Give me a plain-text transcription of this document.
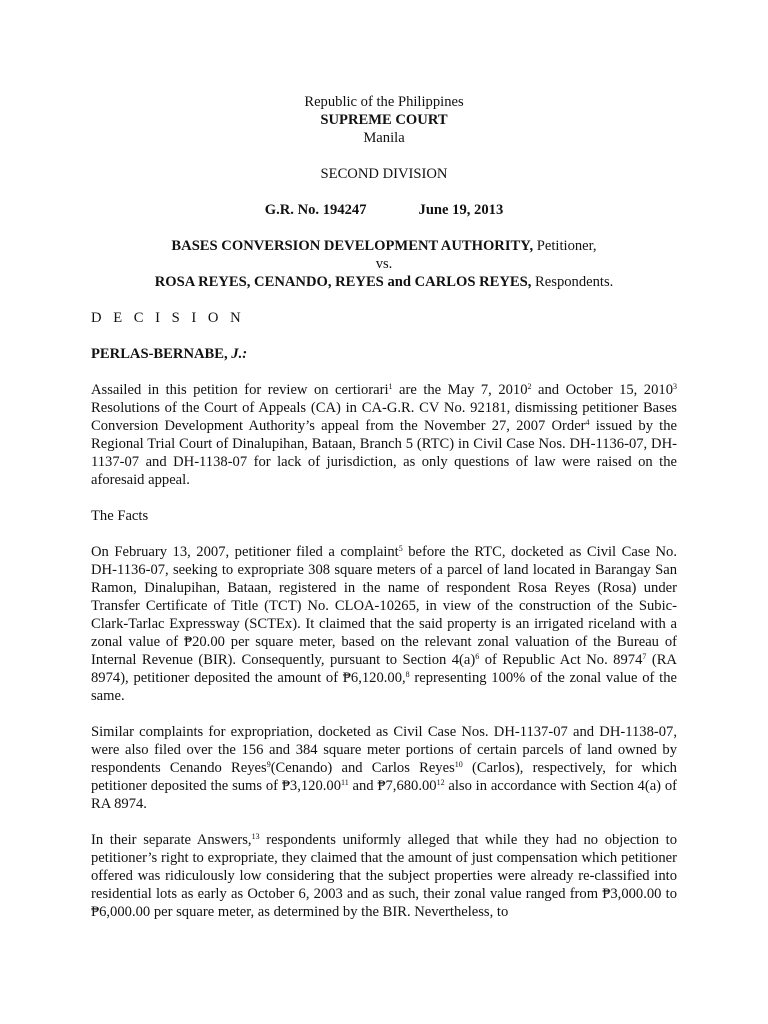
Republic of the Philippines
SUPREME COURT
Manila
SECOND DIVISION
G.R. No. 194247	June 19, 2013
BASES CONVERSION DEVELOPMENT AUTHORITY, Petitioner,
vs.
ROSA REYES, CENANDO, REYES and CARLOS REYES, Respondents.
D E C I S I O N
PERLAS-BERNABE, J.:

Assailed in this petition for review on certiorari$^1$ are the May 7, 2010$^2$ and October 15, 2010$^3$ Resolutions of the Court of Appeals (CA) in CA-G.R. CV No. 92181, dismissing petitioner Bases Conversion Development Authority’s appeal from the November 27, 2007 Order$^4$ issued by the Regional Trial Court of Dinalupihan, Bataan, Branch 5 (RTC) in Civil Case Nos. DH-1136-07, DH-1137-07 and DH-1138-07 for lack of jurisdiction, as only questions of law were raised on the aforesaid appeal.

The Facts

On February 13, 2007, petitioner filed a complaint$^5$ before the RTC, docketed as Civil Case No. DH-1136-07, seeking to expropriate 308 square meters of a parcel of land located in Barangay San Ramon, Dinalupihan, Bataan, registered in the name of respondent Rosa Reyes (Rosa) under Transfer Certificate of Title (TCT) No. CLOA-10265, in view of the construction of the Subic-Clark-Tarlac Expressway (SCTEx). It claimed that the said property is an irrigated riceland with a zonal value of ₱20.00 per square meter, based on the relevant zonal valuation of the Bureau of Internal Revenue (BIR). Consequently, pursuant to Section $4(a)^6$ of Republic Act No. 8974$^7$ (RA 8974), petitioner deposited the amount of ₱6,120.00,$^8$ representing 100% of the zonal value of the same.

Similar complaints for expropriation, docketed as Civil Case Nos. DH-1137-07 and DH-1138-07, were also filed over the 156 and 384 square meter portions of certain parcels of land owned by respondents Cenando Reyes$^9$(Cenando) and Carlos Reyes$^{10}$ (Carlos), respectively, for which petitioner deposited the sums of ₱3,120.00$^{11}$ and ₱7,680.00$^{12}$ also in accordance with Section 4(a) of RA 8974.

In their separate Answers,$^{13}$ respondents uniformly alleged that while they had no objection to petitioner’s right to expropriate, they claimed that the amount of just compensation which petitioner offered was ridiculously low considering that the subject properties were already re-classified into residential lots as early as October 6, 2003 and as such, their zonal value ranged from ₱3,000.00 to ₱6,000.00 per square meter, as determined by the BIR. Nevertheless, to
